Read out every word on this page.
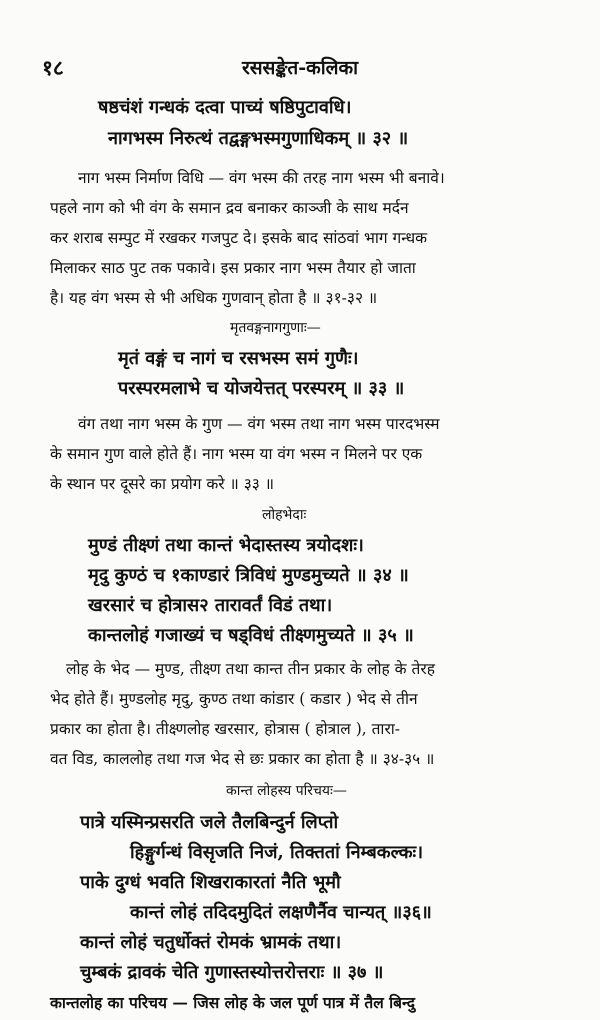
१८	रससङ्केत-कलिका
षष्ठचंशं गन्धकं दत्वा पाच्यं षष्ठिपुटावधि।
नागभस्म निरुत्थं तद्वङ्गभस्मगुणाधिकम् ॥ ३२ ॥
नाग भस्म निर्माण विधि — वंग भस्म की तरह नाग भस्म भी बनावे।
पहले नाग को भी वंग के समान द्रव बनाकर काञ्जी के साथ मर्दन
कर शराब सम्पुट में रखकर गजपुट दे। इसके बाद सांठवां भाग गन्धक
मिलाकर साठ पुट तक पकावे। इस प्रकार नाग भस्म तैयार हो जाता
है। यह वंग भस्म से भी अधिक गुणवान् होता है ॥ ३१-३२ ॥
मृतवङ्गनागगुणाः—
मृतं वङ्गं च नागं च रसभस्म समं गुणैः।
परस्परमलाभे च योजयेत्तत् परस्परम् ॥ ३३ ॥
वंग तथा नाग भस्म के गुण — वंग भस्म तथा नाग भस्म पारदभस्म
के समान गुण वाले होते हैं। नाग भस्म या वंग भस्म न मिलने पर एक
के स्थान पर दूसरे का प्रयोग करे ॥ ३३ ॥
लोहभेदाः
मुण्डं तीक्ष्णं तथा कान्तं भेदास्तस्य त्रयोदशः।
मृदु कुण्ठं च १काण्डारं त्रिविधं मुण्डमुच्यते ॥ ३४ ॥
खरसारं च होत्रास२ तारावर्तं विडं तथा।
कान्तलोहं गजाख्यं च षड्विधं तीक्ष्णमुच्यते ॥ ३५ ॥
लोह के भेद — मुण्ड, तीक्ष्ण तथा कान्त तीन प्रकार के लोह के तेरह
भेद होते हैं। मुण्डलोह मृदु, कुण्ठ तथा कांडार ( कडार ) भेद से तीन
प्रकार का होता है। तीक्ष्णलोह खरसार, होत्रास ( होत्राल ), तारा-
वत विड, काललोह तथा गज भेद से छः प्रकार का होता है ॥ ३४-३५ ॥
कान्त लोहस्य परिचयः—
पात्रे यस्मिन्प्रसरति जले तैलबिन्दुर्न लिप्तो
हिङ्गुर्गन्धं विसृजति निजं, तिक्ततां निम्बकल्कः।
पाके दुग्धं भवति शिखराकारतां नैति भूमौ
कान्तं लोहं तदिदमुदितं लक्षणैर्नैव चान्यत् ॥३६॥
कान्तं लोहं चतुर्धोक्तं रोमकं भ्रामकं तथा।
चुम्बकं द्रावकं चेति गुणास्तस्योत्तरोत्तराः ॥ ३७ ॥
कान्तलोह का परिचय — जिस लोह के जल पूर्ण पात्र में तैल बिन्दु
